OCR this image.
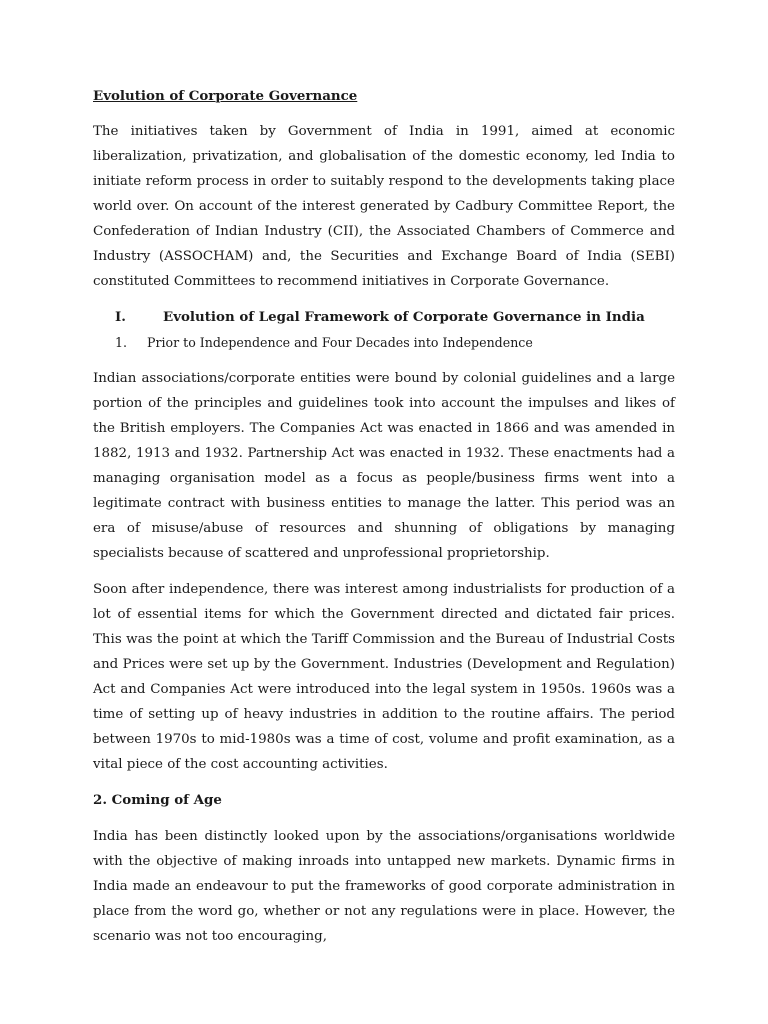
Evolution of Corporate Governance

The initiatives taken by Government of India in 1991, aimed at economic liberalization, privatization, and globalisation of the domestic economy, led India to initiate reform process in order to suitably respond to the developments taking place world over. On account of the interest generated by Cadbury Committee Report, the Confederation of Indian Industry (CII), the Associated Chambers of Commerce and Industry (ASSOCHAM) and, the Securities and Exchange Board of India (SEBI) constituted Committees to recommend initiatives in Corporate Governance.

I.	Evolution of Legal Framework of Corporate Governance in India
1.	Prior to Independence and Four Decades into Independence

Indian associations/corporate entities were bound by colonial guidelines and a large portion of the principles and guidelines took into account the impulses and likes of the British employers. The Companies Act was enacted in 1866 and was amended in 1882, 1913 and 1932. Partnership Act was enacted in 1932. These enactments had a managing organisation model as a focus as people/business firms went into a legitimate contract with business entities to manage the latter. This period was an era of misuse/abuse of resources and shunning of obligations by managing specialists because of scattered and unprofessional proprietorship.

Soon after independence, there was interest among industrialists for production of a lot of essential items for which the Government directed and dictated fair prices. This was the point at which the Tariff Commission and the Bureau of Industrial Costs and Prices were set up by the Government. Industries (Development and Regulation) Act and Companies Act were introduced into the legal system in 1950s. 1960s was a time of setting up of heavy industries in addition to the routine affairs. The period between 1970s to mid-1980s was a time of cost, volume and profit examination, as a vital piece of the cost accounting activities.

2. Coming of Age

India has been distinctly looked upon by the associations/organisations worldwide with the objective of making inroads into untapped new markets. Dynamic firms in India made an endeavour to put the frameworks of good corporate administration in place from the word go, whether or not any regulations were in place. However, the scenario was not too encouraging,
